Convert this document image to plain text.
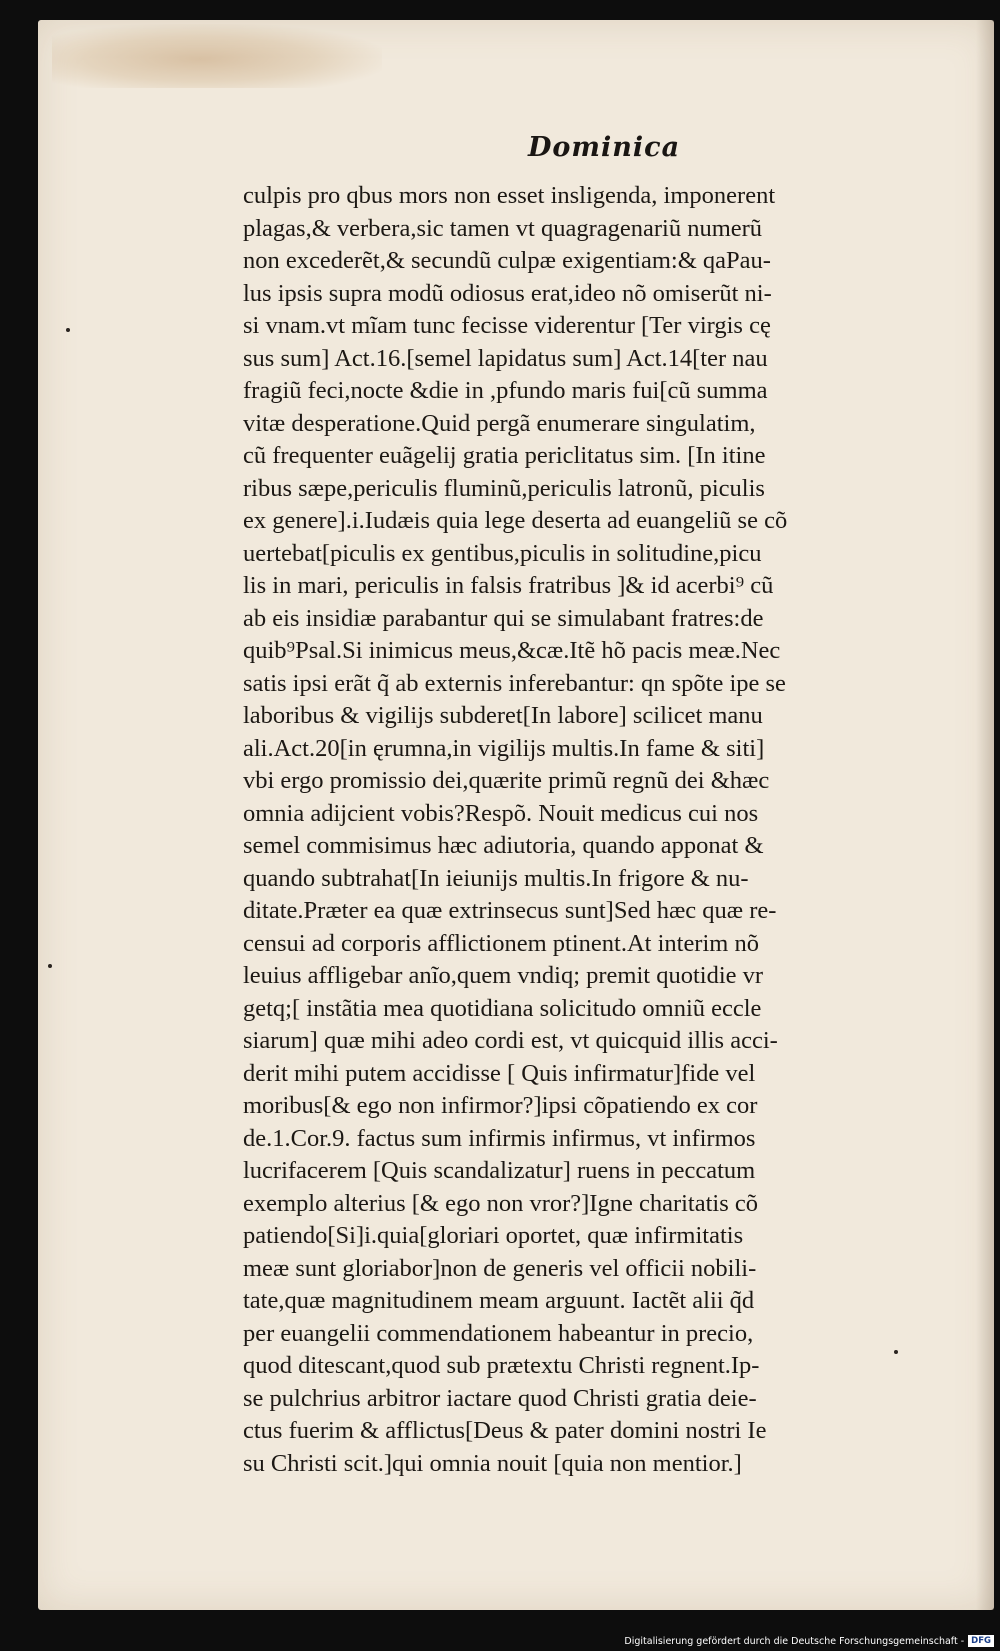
Dominica
culpis pro qbus mors non esset insligenda, imponerent
plagas,& verbera,sic tamen vt quagragenariũ numerũ
non excederẽt,& secundũ culpæ exigentiam:& qaPau-
lus ipsis supra modũ odiosus erat,ideo nõ omiserũt ni-
si vnam.vt mĩam tunc fecisse viderentur [Ter virgis cę
sus sum] Act.16.[semel lapidatus sum] Act.14[ter nau
fragiũ feci,nocte &die in ,pfundo maris fui[cũ summa
vitæ desperatione.Quid pergã enumerare singulatim,
cũ frequenter euãgelij gratia periclitatus sim. [In itine
ribus sæpe,periculis fluminũ,periculis latronũ, piculis
ex genere].i.Iudæis quia lege deserta ad euangeliũ se cõ
uertebat[piculis ex gentibus,piculis in solitudine,picu
lis in mari, periculis in falsis fratribus ]& id acerbi⁹ cũ
ab eis insidiæ parabantur qui se simulabant fratres:de
quib⁹Psal.Si inimicus meus,&cæ.Itẽ hõ pacis meæ.Nec
satis ipsi erãt q̃ ab externis inferebantur: qn spõte ipe se
laboribus & vigilijs subderet[In labore] scilicet manu
ali.Act.20[in ęrumna,in vigilijs multis.In fame & siti]
vbi ergo promissio dei,quærite primũ regnũ dei &hæc
omnia adijcient vobis?Respõ. Nouit medicus cui nos
semel commisimus hæc adiutoria, quando apponat &
quando subtrahat[In ieiunijs multis.In frigore & nu-
ditate.Præter ea quæ extrinsecus sunt]Sed hæc quæ re-
censui ad corporis afflictionem ptinent.At interim nõ
leuius affligebar anĩo,quem vndiq; premit quotidie vr
getq;[ instãtia mea quotidiana solicitudo omniũ eccle
siarum] quæ mihi adeo cordi est, vt quicquid illis acci-
derit mihi putem accidisse [ Quis infirmatur]fide vel
moribus[& ego non infirmor?]ipsi cõpatiendo ex cor
de.1.Cor.9. factus sum infirmis infirmus, vt infirmos
lucrifacerem [Quis scandalizatur] ruens in peccatum
exemplo alterius [& ego non vror?]Igne charitatis cõ
patiendo[Si]i.quia[gloriari oportet, quæ infirmitatis
meæ sunt gloriabor]non de generis vel officii nobili-
tate,quæ magnitudinem meam arguunt. Iactẽt alii q̃d
per euangelii commendationem habeantur in precio,
quod ditescant,quod sub prætextu Christi regnent.Ip-
se pulchrius arbitror iactare quod Christi gratia deie-
ctus fuerim & afflictus[Deus & pater domini nostri Ie
su Christi scit.]qui omnia nouit [quia non mentior.]
Digitalisierung gefördert durch die Deutsche Forschungsgemeinschaft - DFG
